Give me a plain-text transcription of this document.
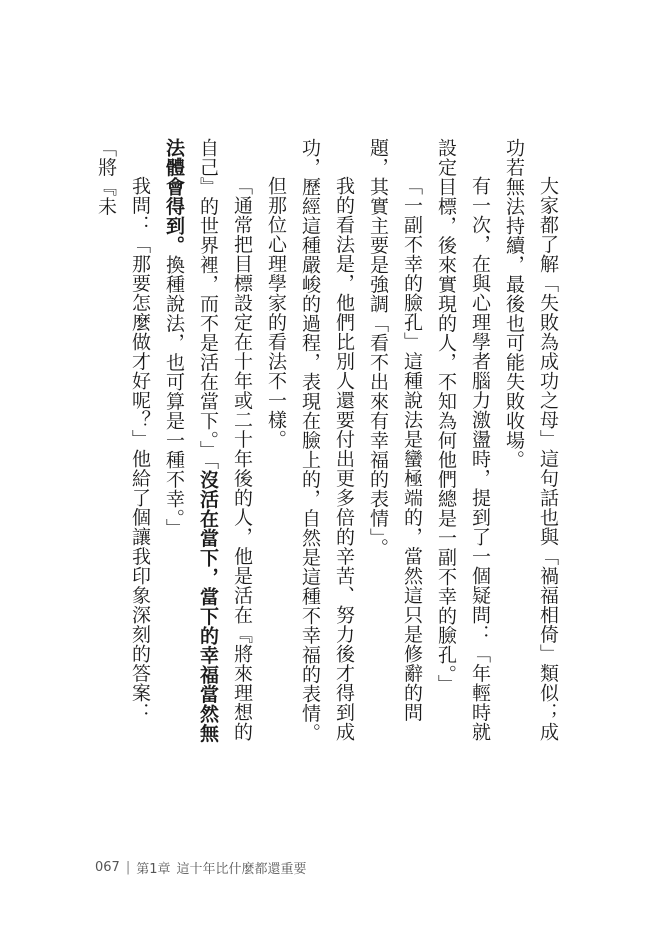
大家都了解「失敗為成功之母」這句話也與「禍福相倚」類似；成功若無法持續，最後也可能失敗收場。

有一次，在與心理學者腦力激盪時，提到了一個疑問：「年輕時就設定目標，後來實現的人，不知為何他們總是一副不幸的臉孔。」

「一副不幸的臉孔」這種說法是蠻極端的，當然這只是修辭的問題，其實主要是強調「看不出來有幸福的表情」。

我的看法是，他們比別人還要付出更多倍的辛苦、努力後才得到成功，歷經這種嚴峻的過程，表現在臉上的，自然是這種不幸福的表情。

但那位心理學家的看法不一樣。

「通常把目標設定在十年或二十年後的人，他是活在『將來理想的自己』的世界裡，而不是活在當下。」「沒活在當下，當下的幸福當然無法體會得到。換種說法，也可算是一種不幸。」

我問：「那要怎麼做才好呢？」他給了個讓我印象深刻的答案：「將『未

067 | 第1章 這十年比什麼都還重要
